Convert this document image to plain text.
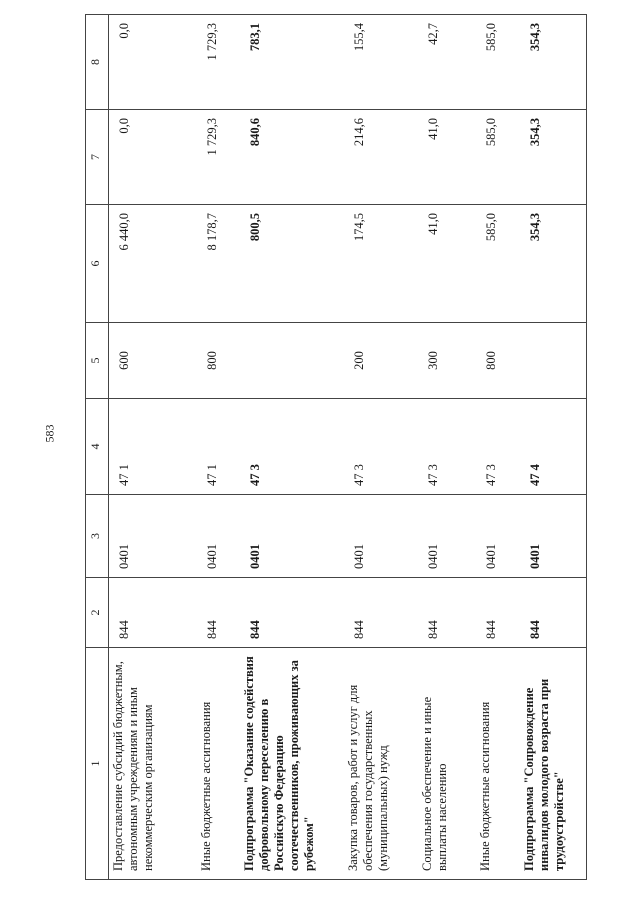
583
1	2	3	4	5	6	7	8
Предоставление субсидий бюджетным, автономным учреждениям и иным некоммерческим организациям	844	0401	47 1	600	6 440,0	0,0	0,0
Иные бюджетные ассигнования	844	0401	47 1	800	8 178,7	1 729,3	1 729,3
Подпрограмма "Оказание содействия добровольному переселению в Российскую Федерацию соотечественников, проживающих за рубежом"	844	0401	47 3		800,5	840,6	783,1
Закупка товаров, работ и услуг для обеспечения государственных (муниципальных) нужд	844	0401	47 3	200	174,5	214,6	155,4
Социальное обеспечение и иные выплаты населению	844	0401	47 3	300	41,0	41,0	42,7
Иные бюджетные ассигнования	844	0401	47 3	800	585,0	585,0	585,0
Подпрограмма "Сопровождение инвалидов молодого возраста при трудоустройстве"	844	0401	47 4		354,3	354,3	354,3
